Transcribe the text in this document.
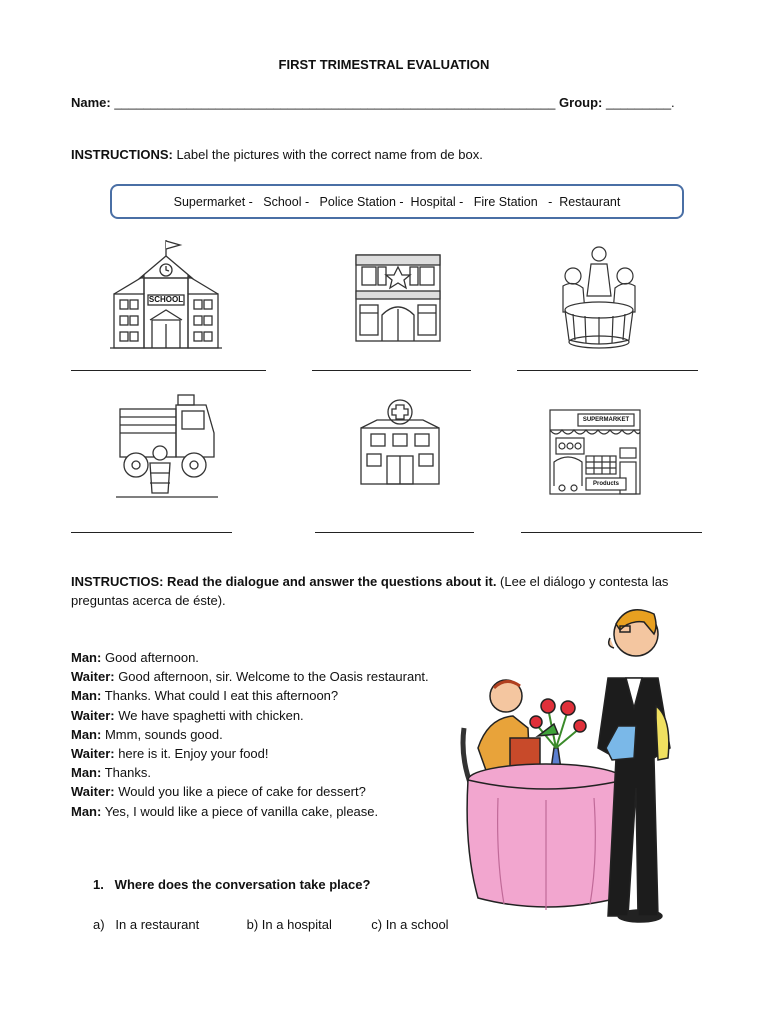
FIRST TRIMESTRAL EVALUATION
Name: _____________________________________________________________ Group: _________.
INSTRUCTIONS: Label the pictures with the correct name from de box.
Supermarket -   School -   Police Station -  Hospital -   Fire Station   -  Restaurant
SCHOOL
SUPERMARKET
Products
INSTRUCTIOS: Read the dialogue and answer the questions about it. (Lee el diálogo y contesta las preguntas acerca de éste).
Man: Good afternoon.
Waiter: Good afternoon, sir. Welcome to the Oasis restaurant.
Man: Thanks. What could I eat this afternoon?
Waiter: We have spaghetti with chicken.
Man: Mmm, sounds good.
Waiter: here is it. Enjoy your food!
Man: Thanks.
Waiter: Would you like a piece of cake for dessert?
Man: Yes, I would like a piece of vanilla cake, please.
1.   Where does the conversation take place?
a)   In a restaurant	b) In a hospital	c) In a school
